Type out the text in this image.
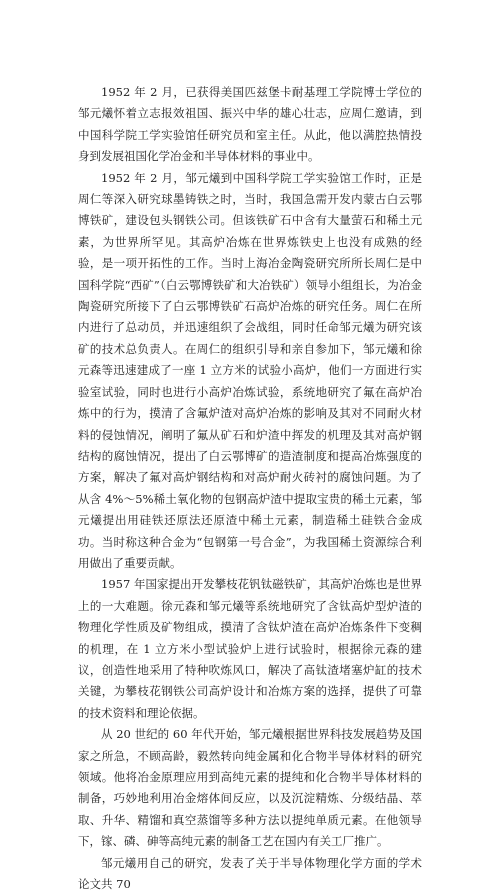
1952 年 2 月，已获得美国匹兹堡卡耐基理工学院博士学位的邹元爔怀着立志报效祖国、振兴中华的雄心壮志，应周仁邀请，到中国科学院工学实验馆任研究员和室主任。从此，他以满腔热情投身到发展祖国化学冶金和半导体材料的事业中。

1952 年 2 月，邹元爔到中国科学院工学实验馆工作时，正是周仁等深入研究球墨铸铁之时，当时，我国急需开发内蒙古白云鄂博铁矿，建设包头钢铁公司。但该铁矿石中含有大量萤石和稀土元素，为世界所罕见。其高炉冶炼在世界炼铁史上也没有成熟的经验，是一项开拓性的工作。当时上海冶金陶瓷研究所所长周仁是中国科学院“西矿”（白云鄂博铁矿和大冶铁矿）领导小组组长，为冶金陶瓷研究所接下了白云鄂博铁矿石高炉冶炼的研究任务。周仁在所内进行了总动员，并迅速组织了会战组，同时任命邹元爔为研究该矿的技术总负责人。在周仁的组织引导和亲自参加下，邹元爔和徐元森等迅速建成了一座 1 立方米的试验小高炉，他们一方面进行实验室试验，同时也进行小高炉冶炼试验，系统地研究了氟在高炉冶炼中的行为，摸清了含氟炉渣对高炉冶炼的影响及其对不同耐火材料的侵蚀情况，阐明了氟从矿石和炉渣中挥发的机理及其对高炉钢结构的腐蚀情况，提出了白云鄂博矿的造渣制度和提高冶炼强度的方案，解决了氟对高炉钢结构和对高炉耐火砖衬的腐蚀问题。为了从含 4%～5%稀土氧化物的包钢高炉渣中提取宝贵的稀土元素，邹元爔提出用硅铁还原法还原渣中稀土元素，制造稀土硅铁合金成功。当时称这种合金为“包钢第一号合金”，为我国稀土资源综合利用做出了重要贡献。

1957 年国家提出开发攀枝花钒钛磁铁矿，其高炉冶炼也是世界上的一大难题。徐元森和邹元爔等系统地研究了含钛高炉型炉渣的物理化学性质及矿物组成，摸清了含钛炉渣在高炉冶炼条件下变稠的机理，在 1 立方米小型试验炉上进行试验时，根据徐元森的建议，创造性地采用了特种吹炼风口，解决了高钛渣堵塞炉缸的技术关键，为攀枝花钢铁公司高炉设计和冶炼方案的选择，提供了可靠的技术资料和理论依据。

从 20 世纪的 60 年代开始，邹元爔根据世界科技发展趋势及国家之所急，不顾高龄，毅然转向纯金属和化合物半导体材料的研究领域。他将冶金原理应用到高纯元素的提纯和化合物半导体材料的制备，巧妙地利用冶金熔体间反应，以及沉淀精炼、分级结晶、萃取、升华、精馏和真空蒸馏等多种方法以提纯单质元素。在他领导下，镓、磷、砷等高纯元素的制备工艺在国内有关工厂推广。

邹元爔用自己的研究，发表了关于半导体物理化学方面的学术论文共 70
